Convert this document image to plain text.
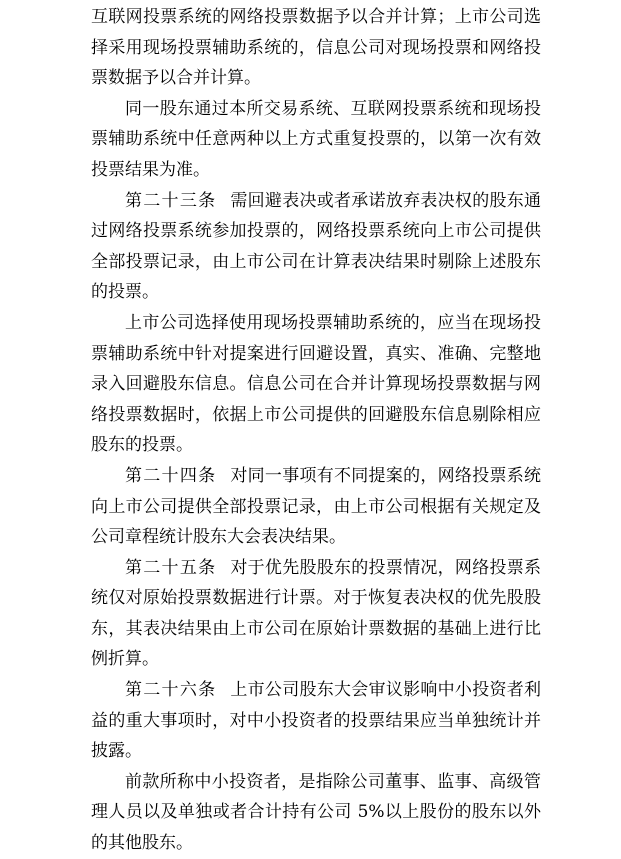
互联网投票系统的网络投票数据予以合并计算；上市公司选择采用现场投票辅助系统的，信息公司对现场投票和网络投票数据予以合并计算。

同一股东通过本所交易系统、互联网投票系统和现场投票辅助系统中任意两种以上方式重复投票的，以第一次有效投票结果为准。

第二十三条 需回避表决或者承诺放弃表决权的股东通过网络投票系统参加投票的，网络投票系统向上市公司提供全部投票记录，由上市公司在计算表决结果时剔除上述股东的投票。

上市公司选择使用现场投票辅助系统的，应当在现场投票辅助系统中针对提案进行回避设置，真实、准确、完整地录入回避股东信息。信息公司在合并计算现场投票数据与网络投票数据时，依据上市公司提供的回避股东信息剔除相应股东的投票。

第二十四条 对同一事项有不同提案的，网络投票系统向上市公司提供全部投票记录，由上市公司根据有关规定及公司章程统计股东大会表决结果。

第二十五条 对于优先股股东的投票情况，网络投票系统仅对原始投票数据进行计票。对于恢复表决权的优先股股东，其表决结果由上市公司在原始计票数据的基础上进行比例折算。

第二十六条 上市公司股东大会审议影响中小投资者利益的重大事项时，对中小投资者的投票结果应当单独统计并披露。

前款所称中小投资者，是指除公司董事、监事、高级管理人员以及单独或者合计持有公司 5%以上股份的股东以外的其他股东。
